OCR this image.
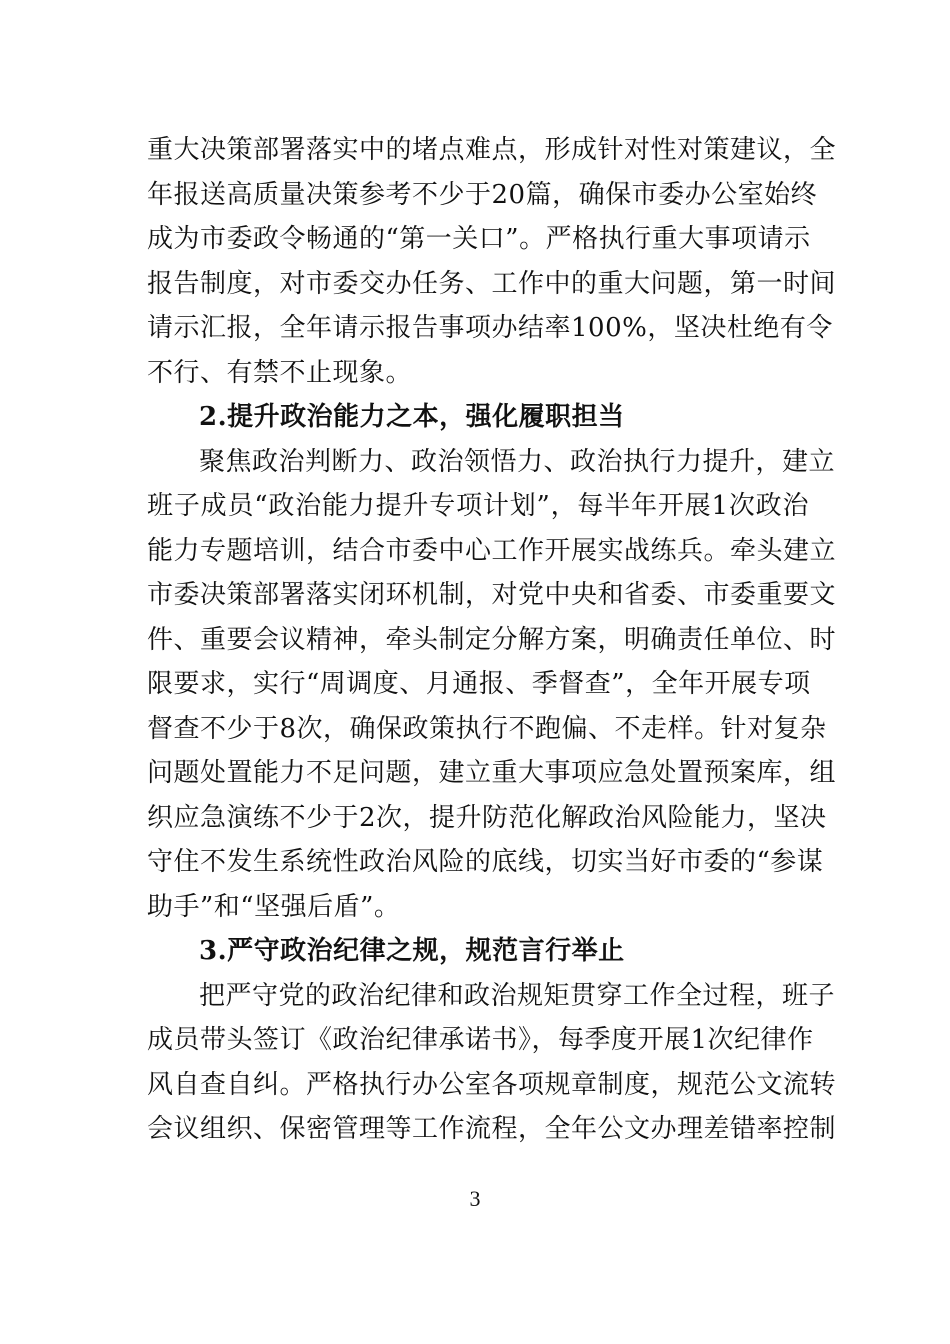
重大决策部署落实中的堵点难点，形成针对性对策建议，全
年报送高质量决策参考不少于20篇，确保市委办公室始终
成为市委政令畅通的“第一关口”。严格执行重大事项请示
报告制度，对市委交办任务、工作中的重大问题，第一时间
请示汇报，全年请示报告事项办结率100%，坚决杜绝有令
不行、有禁不止现象。
2.提升政治能力之本，强化履职担当
聚焦政治判断力、政治领悟力、政治执行力提升，建立
班子成员“政治能力提升专项计划”，每半年开展1次政治
能力专题培训，结合市委中心工作开展实战练兵。牵头建立
市委决策部署落实闭环机制，对党中央和省委、市委重要文
件、重要会议精神，牵头制定分解方案，明确责任单位、时
限要求，实行“周调度、月通报、季督查”，全年开展专项
督查不少于8次，确保政策执行不跑偏、不走样。针对复杂
问题处置能力不足问题，建立重大事项应急处置预案库，组
织应急演练不少于2次，提升防范化解政治风险能力，坚决
守住不发生系统性政治风险的底线，切实当好市委的“参谋
助手”和“坚强后盾”。
3.严守政治纪律之规，规范言行举止
把严守党的政治纪律和政治规矩贯穿工作全过程，班子
成员带头签订《政治纪律承诺书》，每季度开展1次纪律作
风自查自纠。严格执行办公室各项规章制度，规范公文流转
会议组织、保密管理等工作流程，全年公文办理差错率控制
3
